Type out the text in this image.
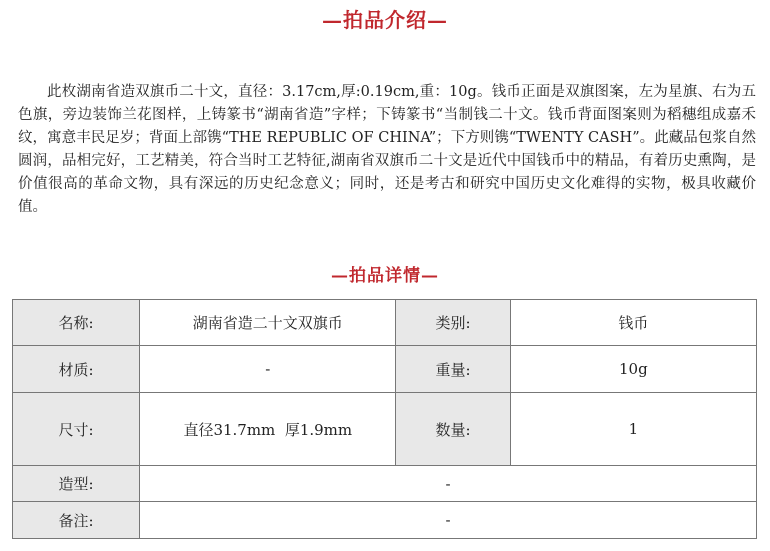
—拍品介绍—

此枚湖南省造双旗币二十文，直径：3.17cm,厚:0.19cm,重：10g。钱币正面是双旗图案，左为星旗、右为五色旗，旁边装饰兰花图样，上铸篆书“湖南省造”字样；下铸篆书“当制钱二十文。钱币背面图案则为稻穗组成嘉禾纹，寓意丰民足岁；背面上部镌“THE REPUBLIC OF CHINA”；下方则镌“TWENTY CASH”。此藏品包浆自然圆润，品相完好，工艺精美，符合当时工艺特征,湖南省双旗币二十文是近代中国钱币中的精品，有着历史熏陶，是价值很高的革命文物，具有深远的历史纪念意义；同时，还是考古和研究中国历史文化难得的实物，极具收藏价值。

—拍品详情—
名称:	湖南省造二十文双旗币	类别:	钱币
材质:	-	重量:	10g
尺寸:	直径31.7mm  厚1.9mm	数量:	1
造型:	-		
备注:	-		
